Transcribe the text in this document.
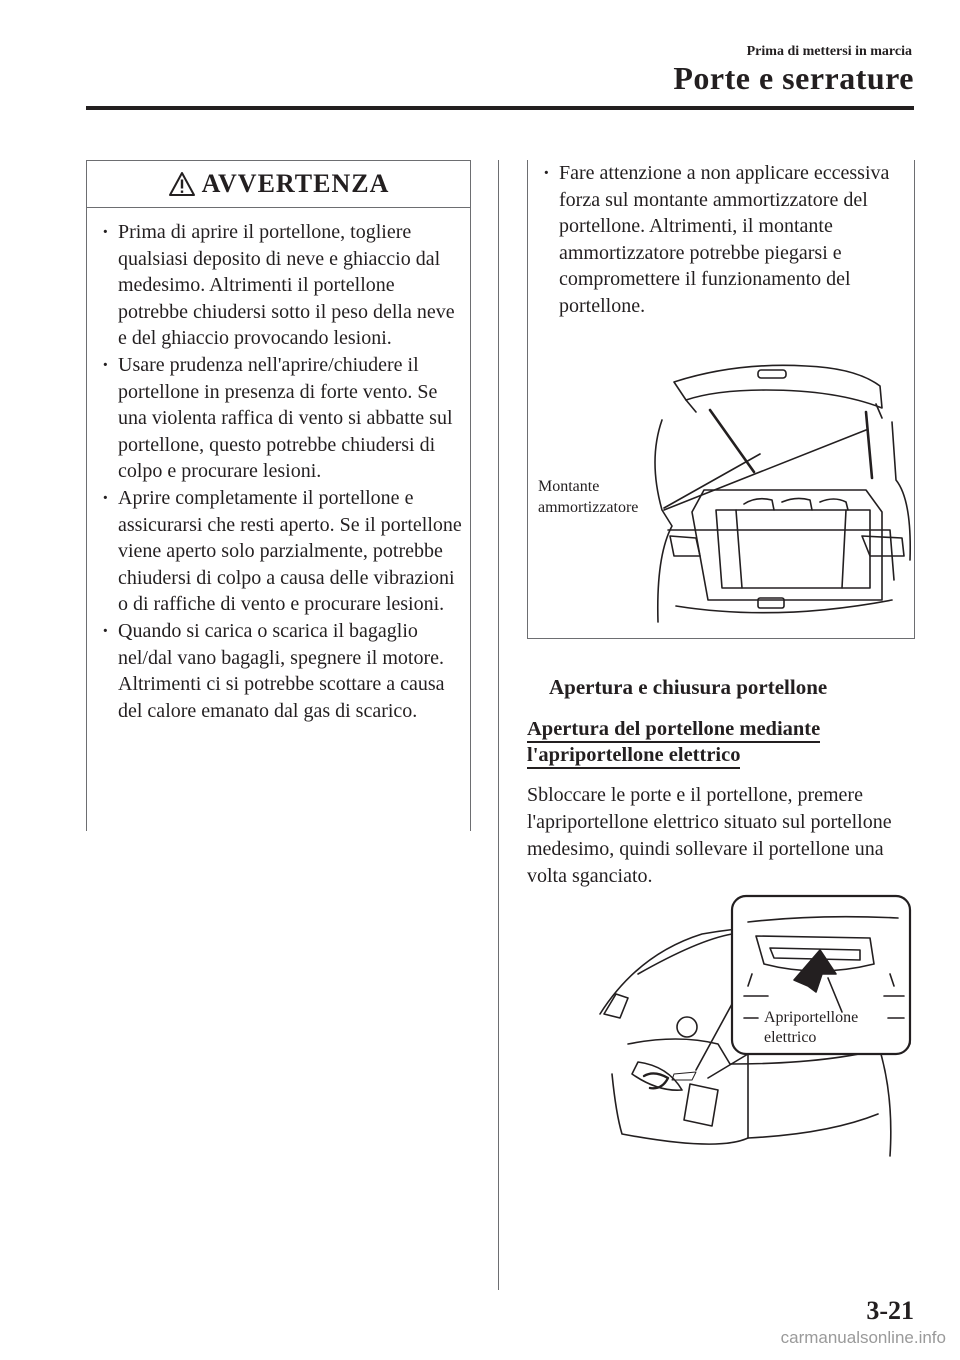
Prima di mettersi in marcia
Porte e serrature
AVVERTENZA
· Prima di aprire il portellone, togliere qualsiasi deposito di neve e ghiaccio dal medesimo. Altrimenti il portellone potrebbe chiudersi sotto il peso della neve e del ghiaccio provocando lesioni.
· Usare prudenza nell'aprire/chiudere il portellone in presenza di forte vento. Se una violenta raffica di vento si abbatte sul portellone, questo potrebbe chiudersi di colpo e procurare lesioni.
· Aprire completamente il portellone e assicurarsi che resti aperto. Se il portellone viene aperto solo parzialmente, potrebbe chiudersi di colpo a causa delle vibrazioni o di raffiche di vento e procurare lesioni.
· Quando si carica o scarica il bagaglio nel/dal vano bagagli, spegnere il motore. Altrimenti ci si potrebbe scottare a causa del calore emanato dal gas di scarico.
· Fare attenzione a non applicare eccessiva forza sul montante ammortizzatore del portellone. Altrimenti, il montante ammortizzatore potrebbe piegarsi e compromettere il funzionamento del portellone.
Montante
ammortizzatore
Apertura e chiusura portellone
Apertura del portellone mediante
l'apriportellone elettrico
Sbloccare le porte e il portellone, premere l'apriportellone elettrico situato sul portellone medesimo, quindi sollevare il portellone una volta sganciato.
Apriportellone
elettrico
3-21
carmanualsonline.info
